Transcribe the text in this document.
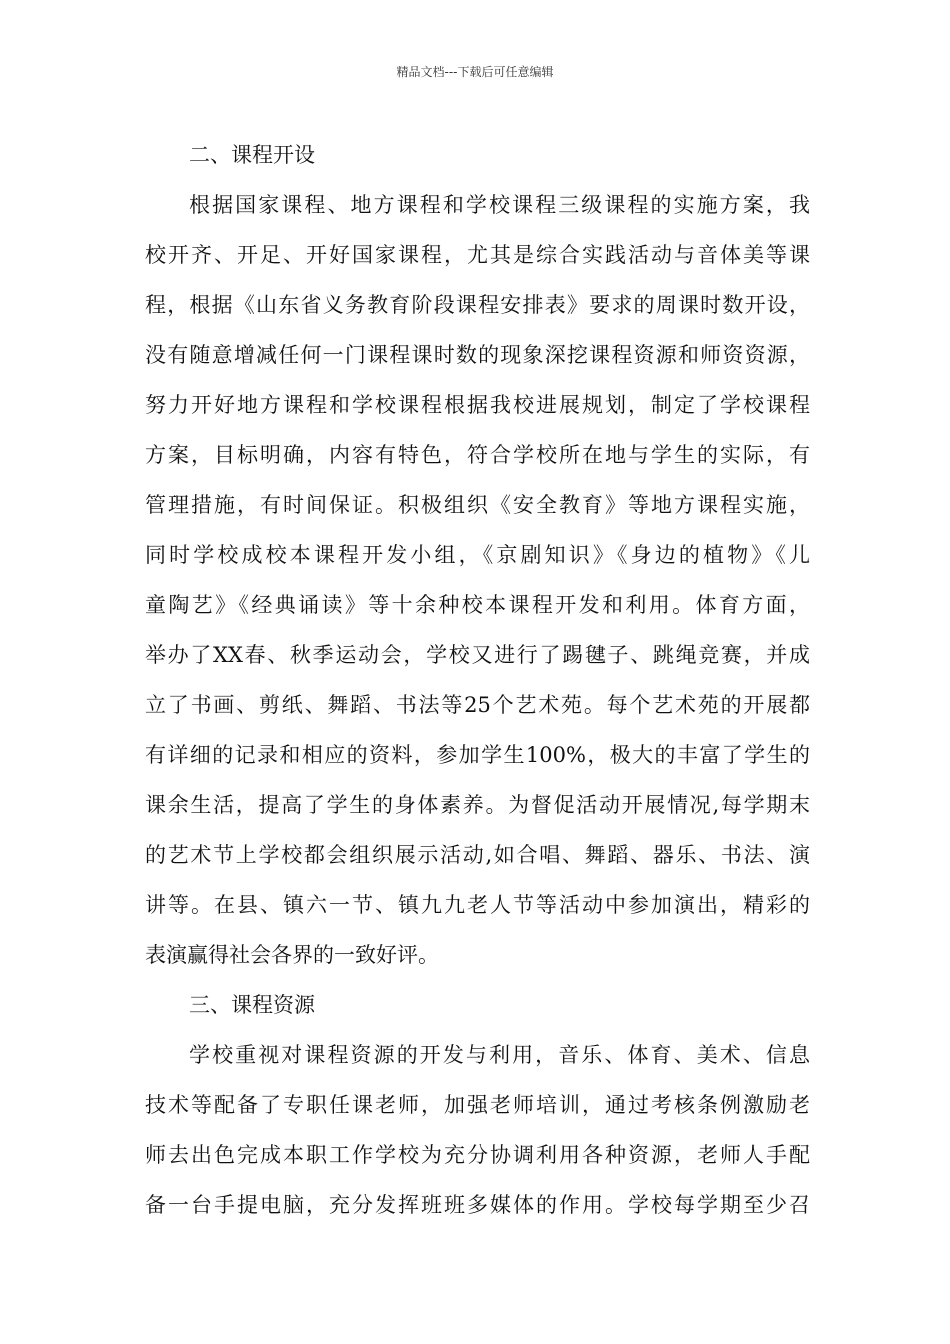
精品文档---下载后可任意编辑
二、课程开设
根据国家课程、地方课程和学校课程三级课程的实施方案，我
校开齐、开足、开好国家课程，尤其是综合实践活动与音体美等课
程，根据《山东省义务教育阶段课程安排表》要求的周课时数开设，
没有随意增减任何一门课程课时数的现象深挖课程资源和师资资源，
努力开好地方课程和学校课程根据我校进展规划，制定了学校课程
方案，目标明确，内容有特色，符合学校所在地与学生的实际，有
管理措施，有时间保证。积极组织《安全教育》等地方课程实施，
同时学校成校本课程开发小组，《京剧知识》《身边的植物》《儿
童陶艺》《经典诵读》等十余种校本课程开发和利用。体育方面，
举办了XX春、秋季运动会，学校又进行了踢毽子、跳绳竞赛，并成
立了书画、剪纸、舞蹈、书法等25个艺术苑。每个艺术苑的开展都
有详细的记录和相应的资料，参加学生100%，极大的丰富了学生的
课余生活，提高了学生的身体素养。为督促活动开展情况,每学期末
的艺术节上学校都会组织展示活动,如合唱、舞蹈、器乐、书法、演
讲等。在县、镇六一节、镇九九老人节等活动中参加演出，精彩的
表演赢得社会各界的一致好评。
三、课程资源
学校重视对课程资源的开发与利用，音乐、体育、美术、信息
技术等配备了专职任课老师，加强老师培训，通过考核条例激励老
师去出色完成本职工作学校为充分协调利用各种资源，老师人手配
备一台手提电脑，充分发挥班班多媒体的作用。学校每学期至少召
